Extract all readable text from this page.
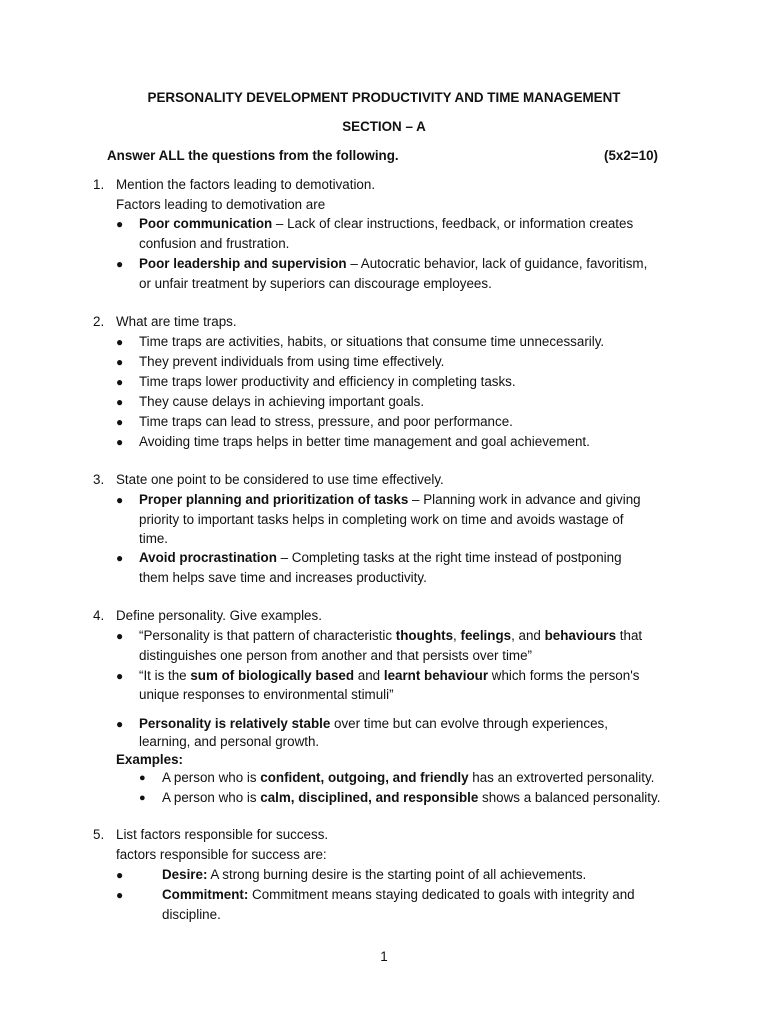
PERSONALITY DEVELOPMENT PRODUCTIVITY AND TIME MANAGEMENT
SECTION – A
Answer ALL the questions from the following.	(5x2=10)
1. Mention the factors leading to demotivation.
Factors leading to demotivation are
● Poor communication – Lack of clear instructions, feedback, or information creates
confusion and frustration.
● Poor leadership and supervision – Autocratic behavior, lack of guidance, favoritism,
or unfair treatment by superiors can discourage employees.
2. What are time traps.
● Time traps are activities, habits, or situations that consume time unnecessarily.
● They prevent individuals from using time effectively.
● Time traps lower productivity and efficiency in completing tasks.
● They cause delays in achieving important goals.
● Time traps can lead to stress, pressure, and poor performance.
● Avoiding time traps helps in better time management and goal achievement.
3. State one point to be considered to use time effectively.
● Proper planning and prioritization of tasks – Planning work in advance and giving
priority to important tasks helps in completing work on time and avoids wastage of
time.
● Avoid procrastination – Completing tasks at the right time instead of postponing
them helps save time and increases productivity.
4. Define personality. Give examples.
● “Personality is that pattern of characteristic thoughts, feelings, and behaviours that
distinguishes one person from another and that persists over time”
● “It is the sum of biologically based and learnt behaviour which forms the person's
unique responses to environmental stimuli”
● Personality is relatively stable over time but can evolve through experiences,
learning, and personal growth.
Examples:
● A person who is confident, outgoing, and friendly has an extroverted personality.
● A person who is calm, disciplined, and responsible shows a balanced personality.
5. List factors responsible for success.
factors responsible for success are:
●	Desire: A strong burning desire is the starting point of all achievements.
●	Commitment: Commitment means staying dedicated to goals with integrity and
discipline.
1
